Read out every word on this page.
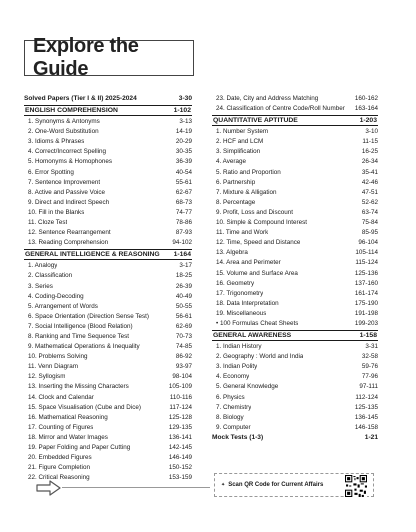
Explore the Guide
Solved Papers (Tier I & II) 2025-2024	3-30
ENGLISH COMPREHENSION	1-102
1. Synonyms & Antonyms	3-13
2. One-Word Substitution	14-19
3. Idioms & Phrases	20-29
4. Correct/Incorrect Spelling	30-35
5. Homonyms & Homophones	36-39
6. Error Spotting	40-54
7. Sentence Improvement	55-61
8. Active and Passive Voice	62-67
9. Direct and Indirect Speech	68-73
10. Fill in the Blanks	74-77
11. Cloze Test	78-86
12. Sentence Rearrangement	87-93
13. Reading Comprehension	94-102
GENERAL INTELLIGENCE & REASONING 1-164
1. Analogy	3-17
2. Classification	18-25
3. Series	26-39
4. Coding-Decoding	40-49
5. Arrangement of Words	50-55
6. Space Orientation (Direction Sense Test)	56-61
7. Social Intelligence (Blood Relation)	62-69
8. Ranking and Time Sequence Test	70-73
9. Mathematical Operations & Inequality	74-85
10. Problems Solving	86-92
11. Venn Diagram	93-97
12. Syllogism	98-104
13. Inserting the Missing Characters	105-109
14. Clock and Calendar	110-116
15. Space Visualisation (Cube and Dice)	117-124
16. Mathematical Reasoning	125-128
17. Counting of Figures	129-135
18. Mirror and Water Images	136-141
19. Paper Folding and Paper Cutting	142-145
20. Embedded Figures	146-149
21. Figure Completion	150-152
22. Critical Reasoning	153-159
23. Date, City and Address Matching	160-162
24. Classification of Centre Code/Roll Number	163-164
QUANTITATIVE APTITUDE	1-203
1. Number System	3-10
2. HCF and LCM	11-15
3. Simplification	16-25
4. Average	26-34
5. Ratio and Proportion	35-41
6. Partnership	42-46
7. Mixture & Alligation	47-51
8. Percentage	52-62
9. Profit, Loss and Discount	63-74
10. Simple & Compound Interest	75-84
11. Time and Work	85-95
12. Time, Speed and Distance	96-104
13. Algebra	105-114
14. Area and Perimeter	115-124
15. Volume and Surface Area	125-136
16. Geometry	137-160
17. Trigonometry	161-174
18. Data Interpretation	175-190
19. Miscellaneous	191-198
• 100 Formulas Cheat Sheets	199-203
GENERAL AWARENESS	1-158
1. Indian History	3-31
2. Geography : World and India	32-58
3. Indian Polity	59-76
4. Economy	77-96
5. General Knowledge	97-111
6. Physics	112-124
7. Chemistry	125-135
8. Biology	136-145
9. Computer	146-158
Mock Tests (1-3)	1-21
✦ Scan QR Code for Current Affairs
